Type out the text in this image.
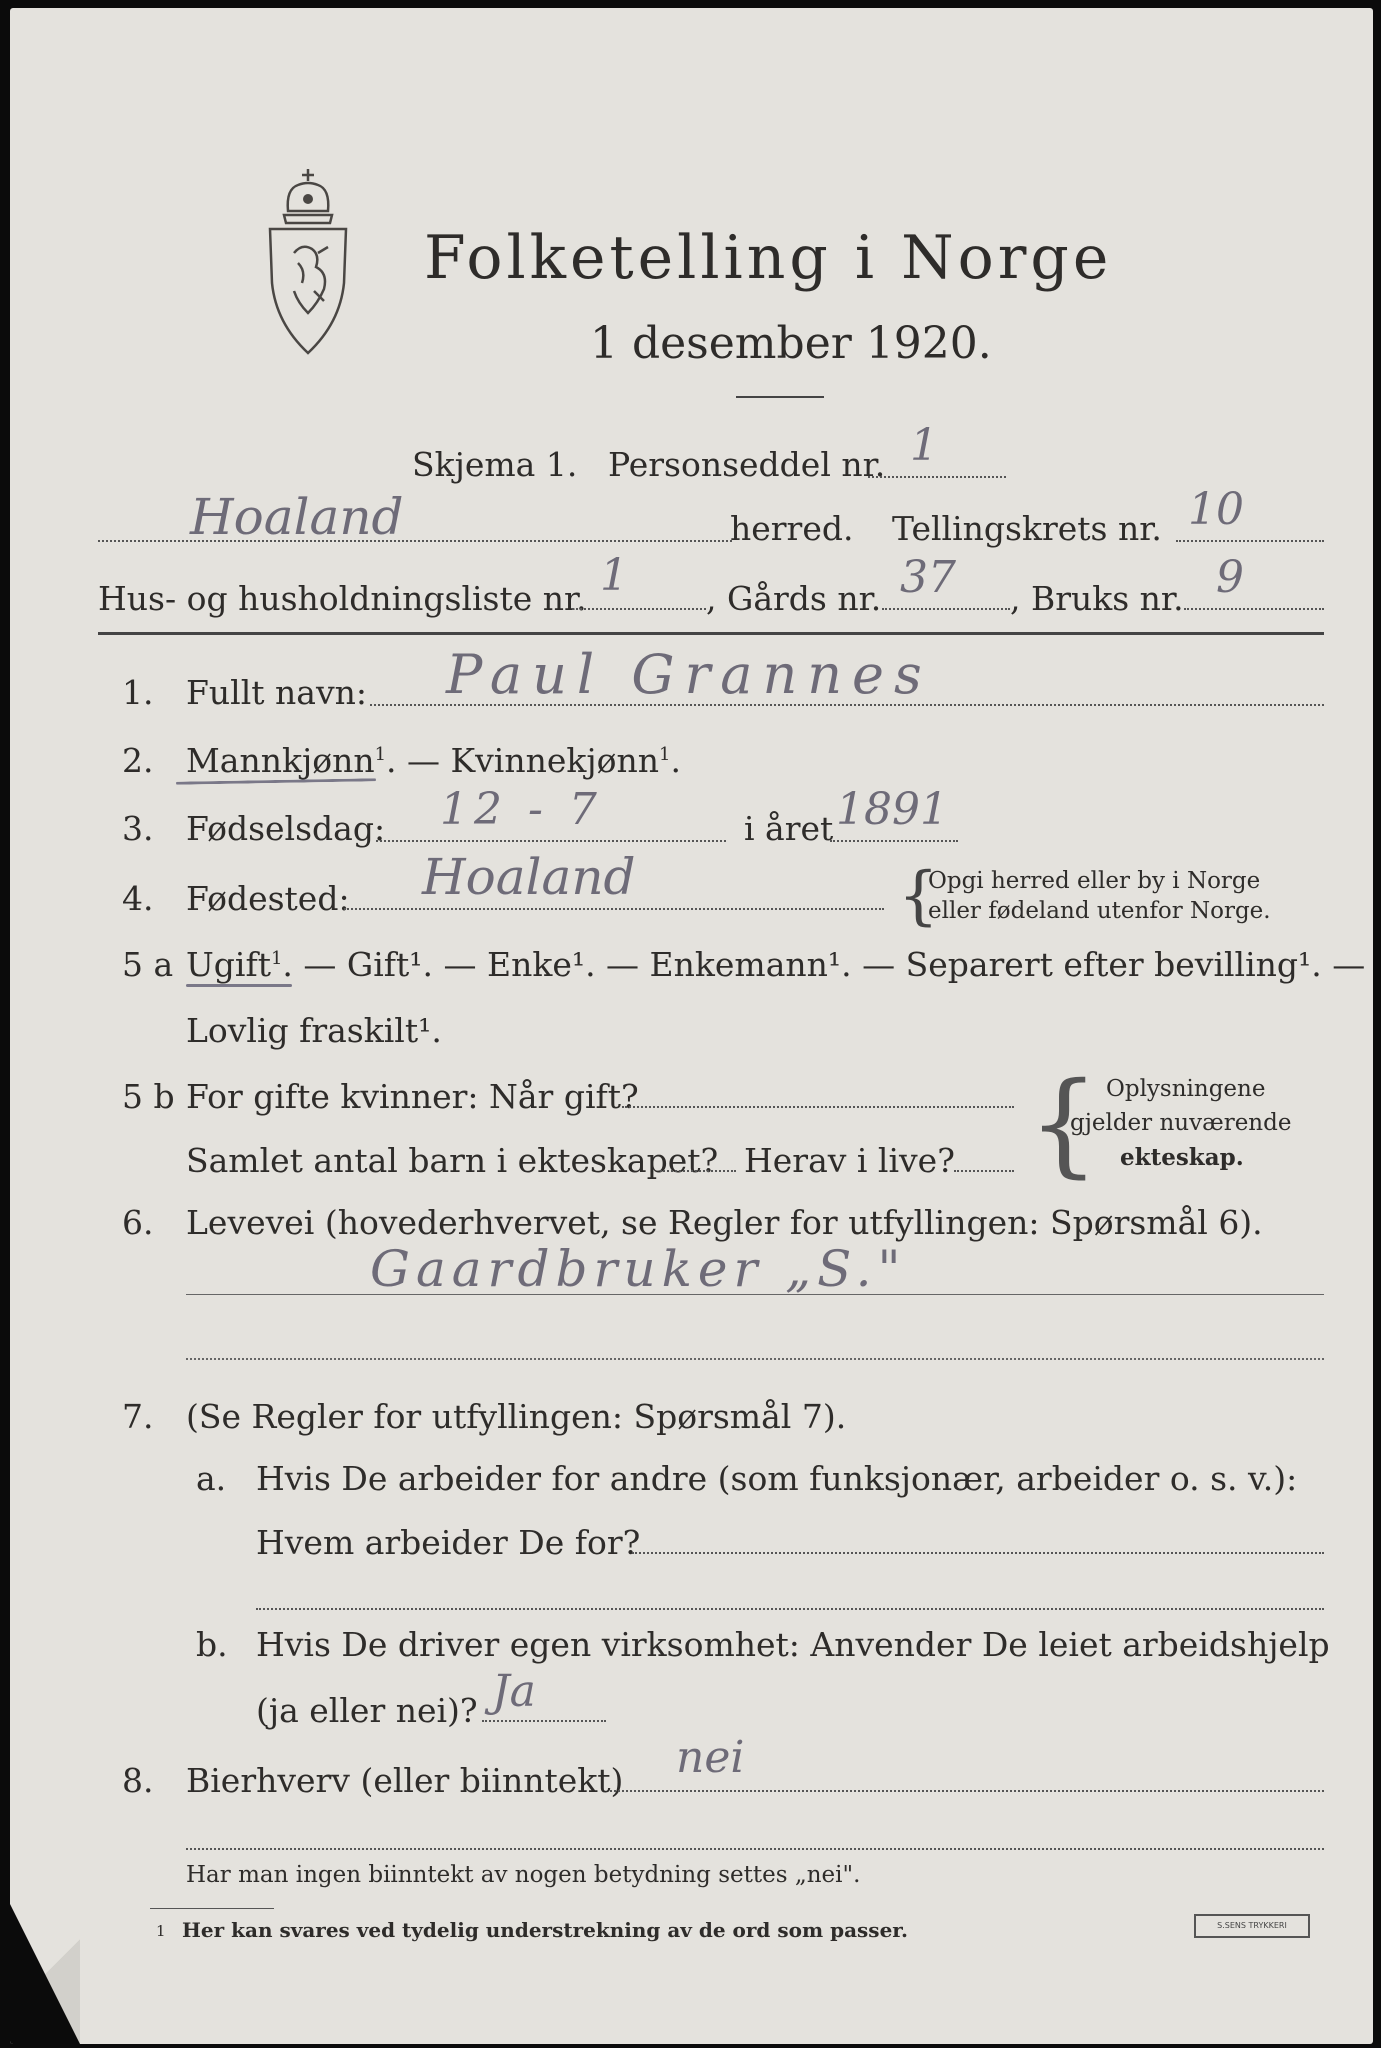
Folketelling i Norge
1 desember 1920.
Skjema 1. Personseddel nr. 1
Hoaland	herred. Tellingskrets nr. 10
Hus- og husholdningsliste nr. 1 , Gårds nr. 37 , Bruks nr. 9
1. Fullt navn: Paul Grannes
2. Mannkjønn$^1$. — Kvinnekjønn$^1$.
3. Fødselsdag: 12 - 7	i året 1891
4. Fødested: Hoaland	{
Opgi herred eller by i Norge
eller fødeland utenfor Norge.
5 a Ugift$^1$. — Gift¹. — Enke¹. — Enkemann¹. — Separert efter bevilling¹. —
Lovlig fraskilt¹.
5 b For gifte kvinner: Når gift?
Samlet antal barn i ekteskapet? Herav i live? { Oplysningene
gjelder nuværende
ekteskap.
6. Levevei (hovederhvervet, se Regler for utfyllingen: Spørsmål 6).
Gaardbruker „S."
7. (Se Regler for utfyllingen: Spørsmål 7).
a. Hvis De arbeider for andre (som funksjonær, arbeider o. s. v.):
Hvem arbeider De for?
b. Hvis De driver egen virksomhet: Anvender De leiet arbeidshjelp
(ja eller nei)? Ja
8. Bierhverv (eller biinntekt) nei
Har man ingen biinntekt av nogen betydning settes „nei".
1 Her kan svares ved tydelig understrekning av de ord som passer.	S.SENS TRYKKERI
